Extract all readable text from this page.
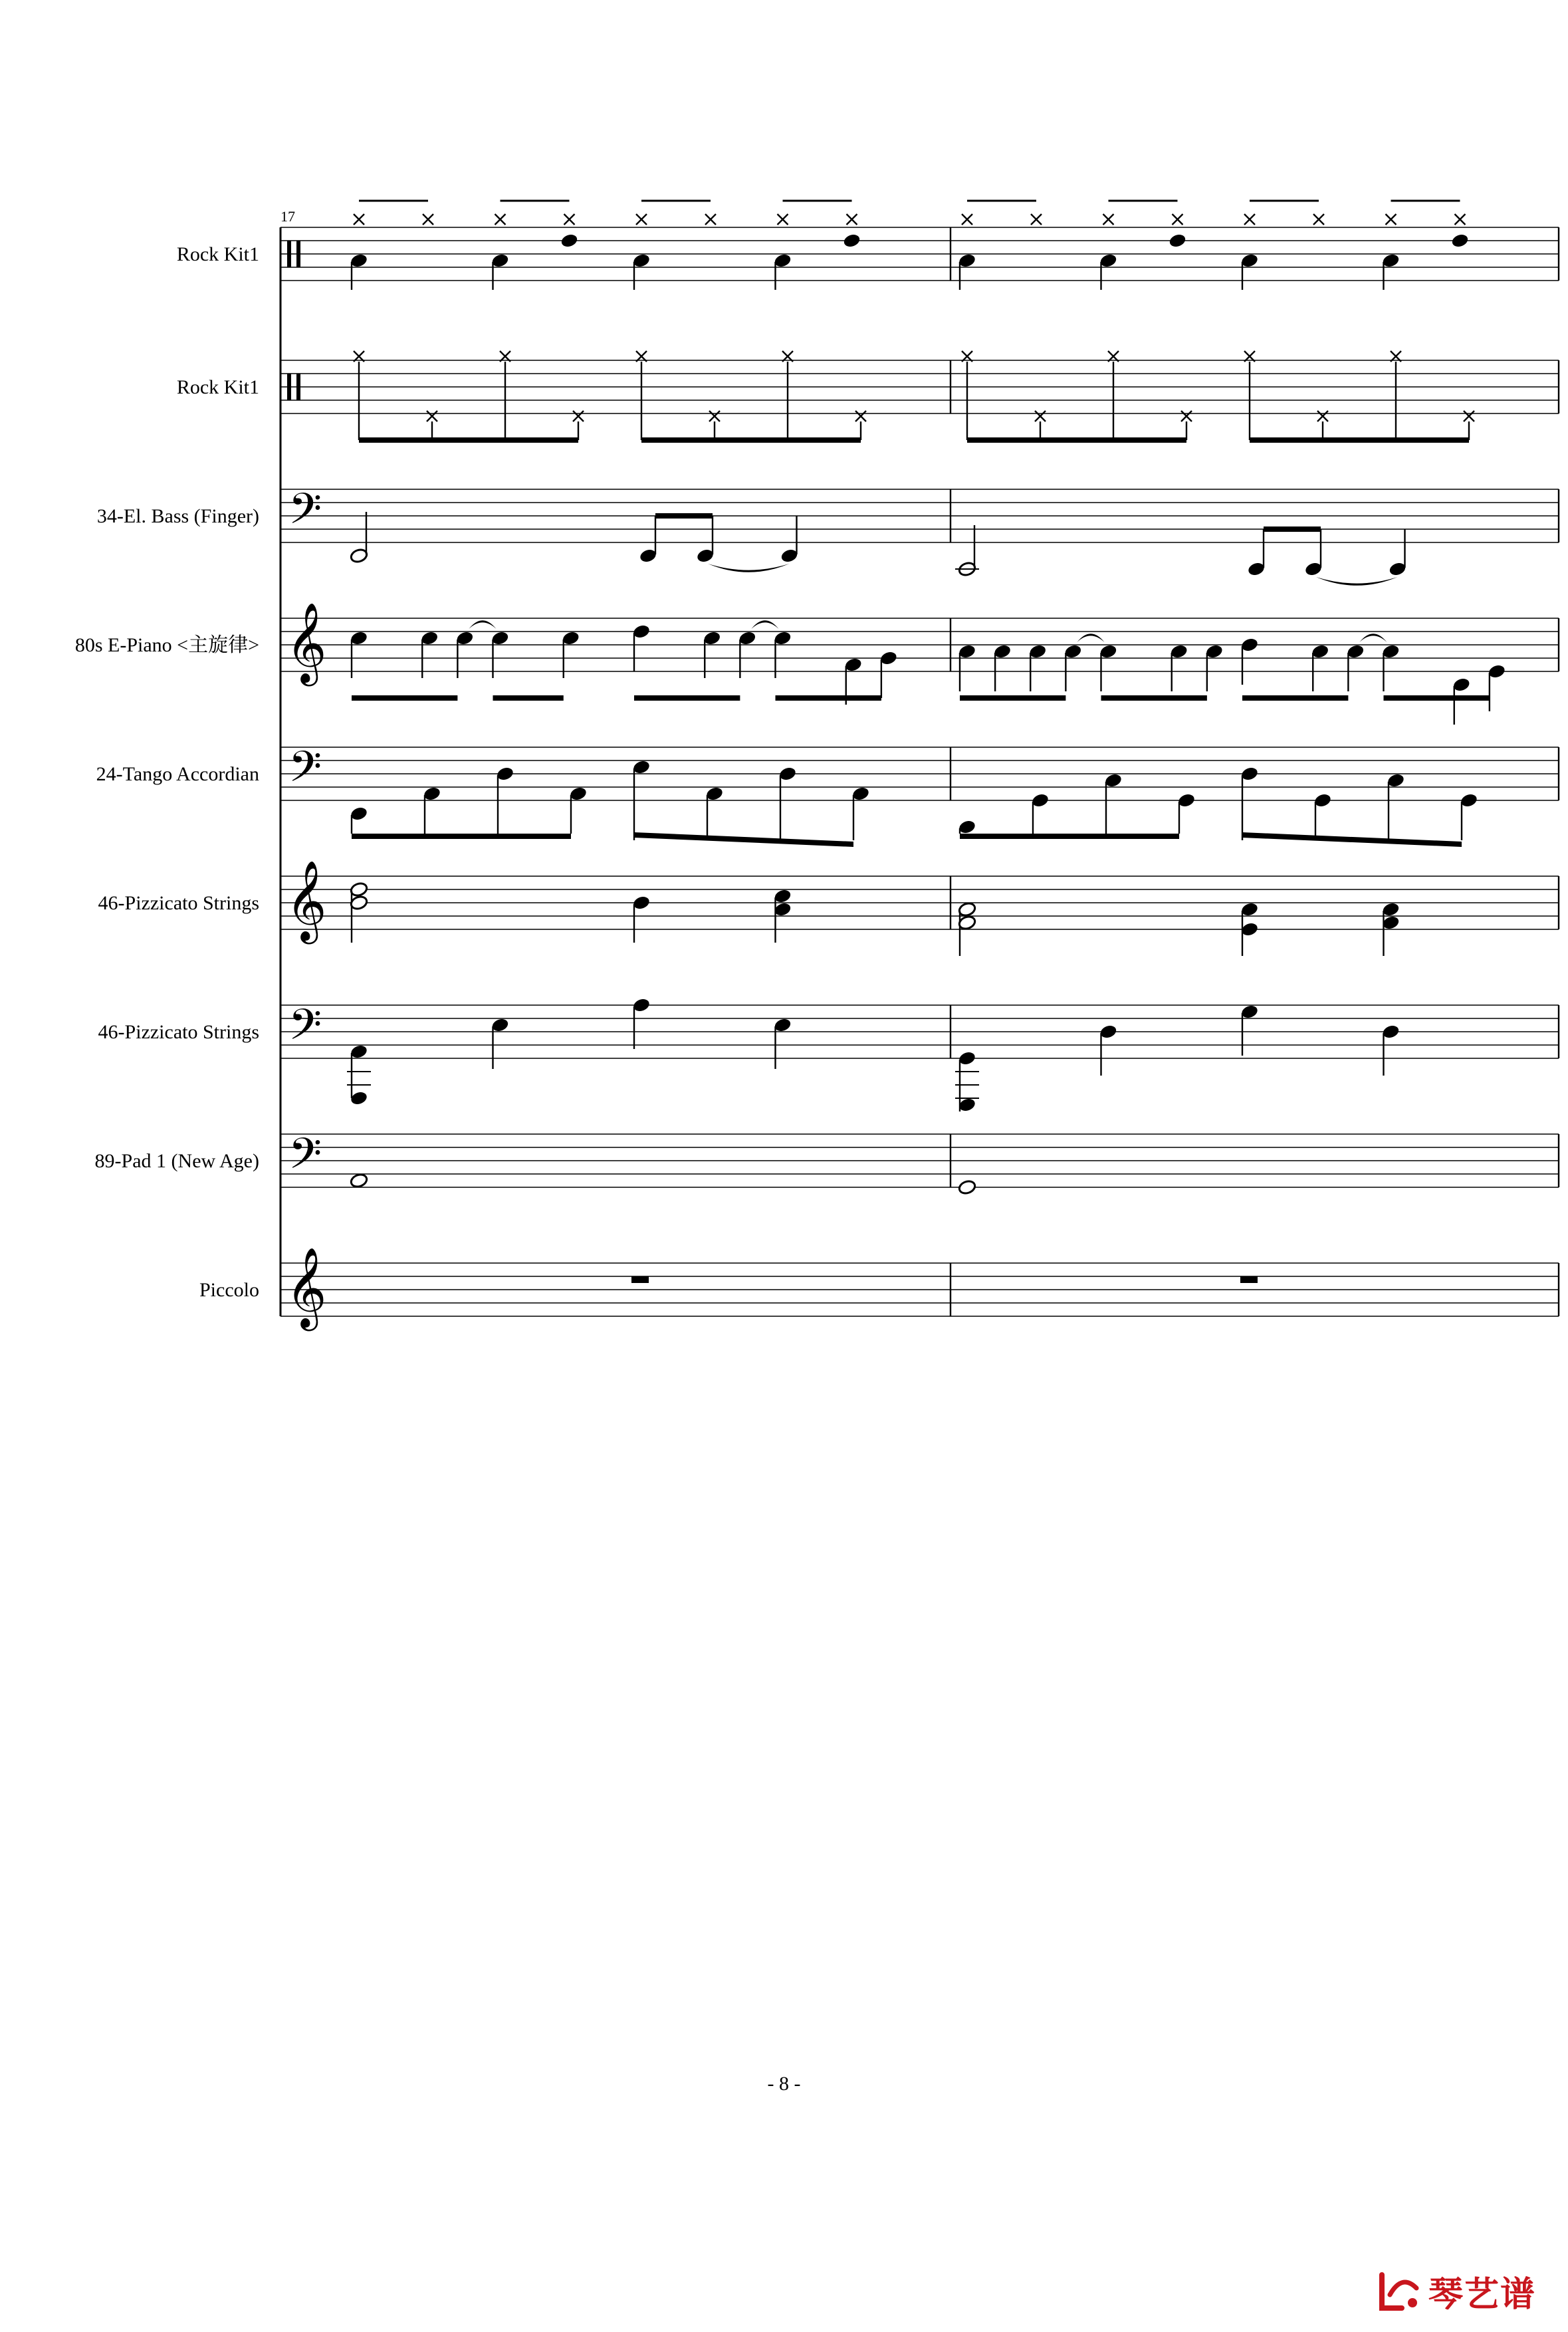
Rock Kit1
Rock Kit1
34-El. Bass (Finger)
80s E-Piano <主旋律>
24-Tango Accordian
46-Pizzicato Strings
46-Pizzicato Strings
89-Pad 1 (New Age)
Piccolo
𝄢
𝄞
𝄢
𝄞
𝄢
𝄢
𝄞
17
- 8 -
琴艺谱
